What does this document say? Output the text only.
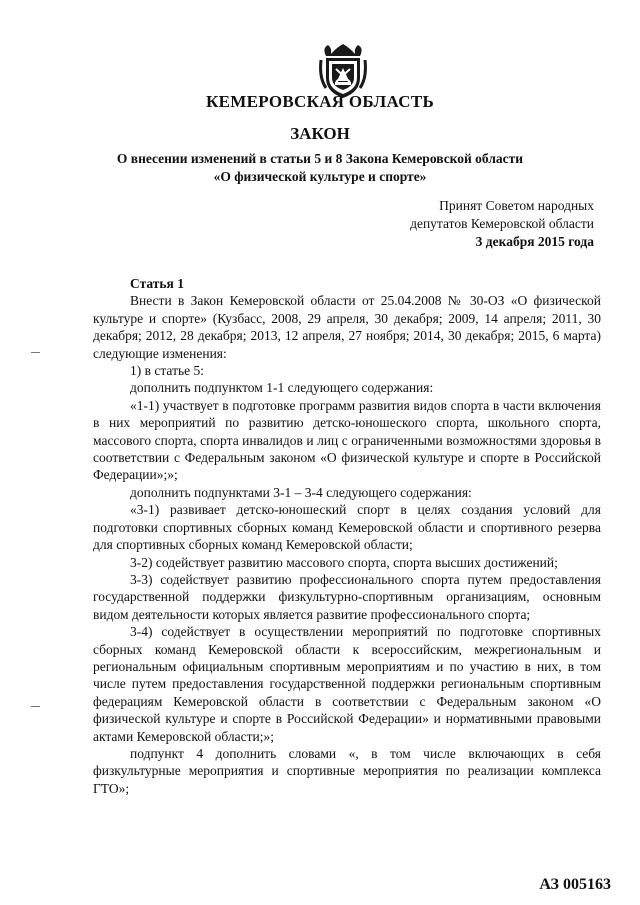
КЕМЕРОВСКАЯ ОБЛАСТЬ
ЗАКОН
О внесении изменений в статьи 5 и 8 Закона Кемеровской области
«О физической культуре и спорте»
Принят Советом народных
депутатов Кемеровской области
3 декабря 2015 года

Статья 1

Внести в Закон Кемеровской области от 25.04.2008 № 30-ОЗ «О физической культуре и спорте» (Кузбасс, 2008, 29 апреля, 30 декабря; 2009, 14 апреля; 2011, 30 декабря; 2012, 28 декабря; 2013, 12 апреля, 27 ноября; 2014, 30 декабря; 2015, 6 марта) следующие изменения:

1) в статье 5:

дополнить подпунктом 1-1 следующего содержания:

«1-1) участвует в подготовке программ развития видов спорта в части включения в них мероприятий по развитию детско-юношеского спорта, школьного спорта, массового спорта, спорта инвалидов и лиц с ограниченными возможностями здоровья в соответствии с Федеральным законом «О физической культуре и спорте в Российской Федерации»;»;

дополнить подпунктами 3-1 – 3-4 следующего содержания:

«3-1) развивает детско-юношеский спорт в целях создания условий для подготовки спортивных сборных команд Кемеровской области и спортивного резерва для спортивных сборных команд Кемеровской области;

3-2) содействует развитию массового спорта, спорта высших достижений;

3-3) содействует развитию профессионального спорта путем предоставления государственной поддержки физкультурно-спортивным организациям, основным видом деятельности которых является развитие профессионального спорта;

3-4) содействует в осуществлении мероприятий по подготовке спортивных сборных команд Кемеровской области к всероссийским, межрегиональным и региональным официальным спортивным мероприятиям и по участию в них, в том числе путем предоставления государственной поддержки региональным спортивным федерациям Кемеровской области в соответствии с Федеральным законом «О физической культуре и спорте в Российской Федерации» и нормативными правовыми актами Кемеровской области;»;

подпункт 4 дополнить словами «, в том числе включающих в себя физкультурные мероприятия и спортивные мероприятия по реализации комплекса ГТО»;

АЗ 005163
